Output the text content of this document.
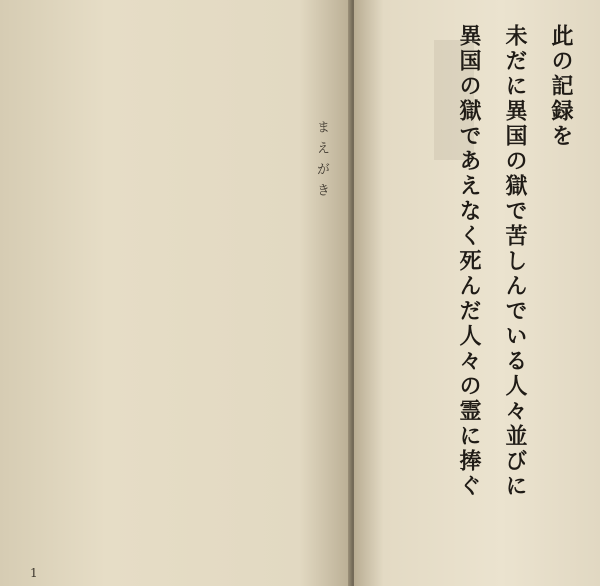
まえがき
1
此の記録を
未だに異国の獄で苦しんでいる人々並びに
異国の獄であえなく死んだ人々の霊に捧ぐ
